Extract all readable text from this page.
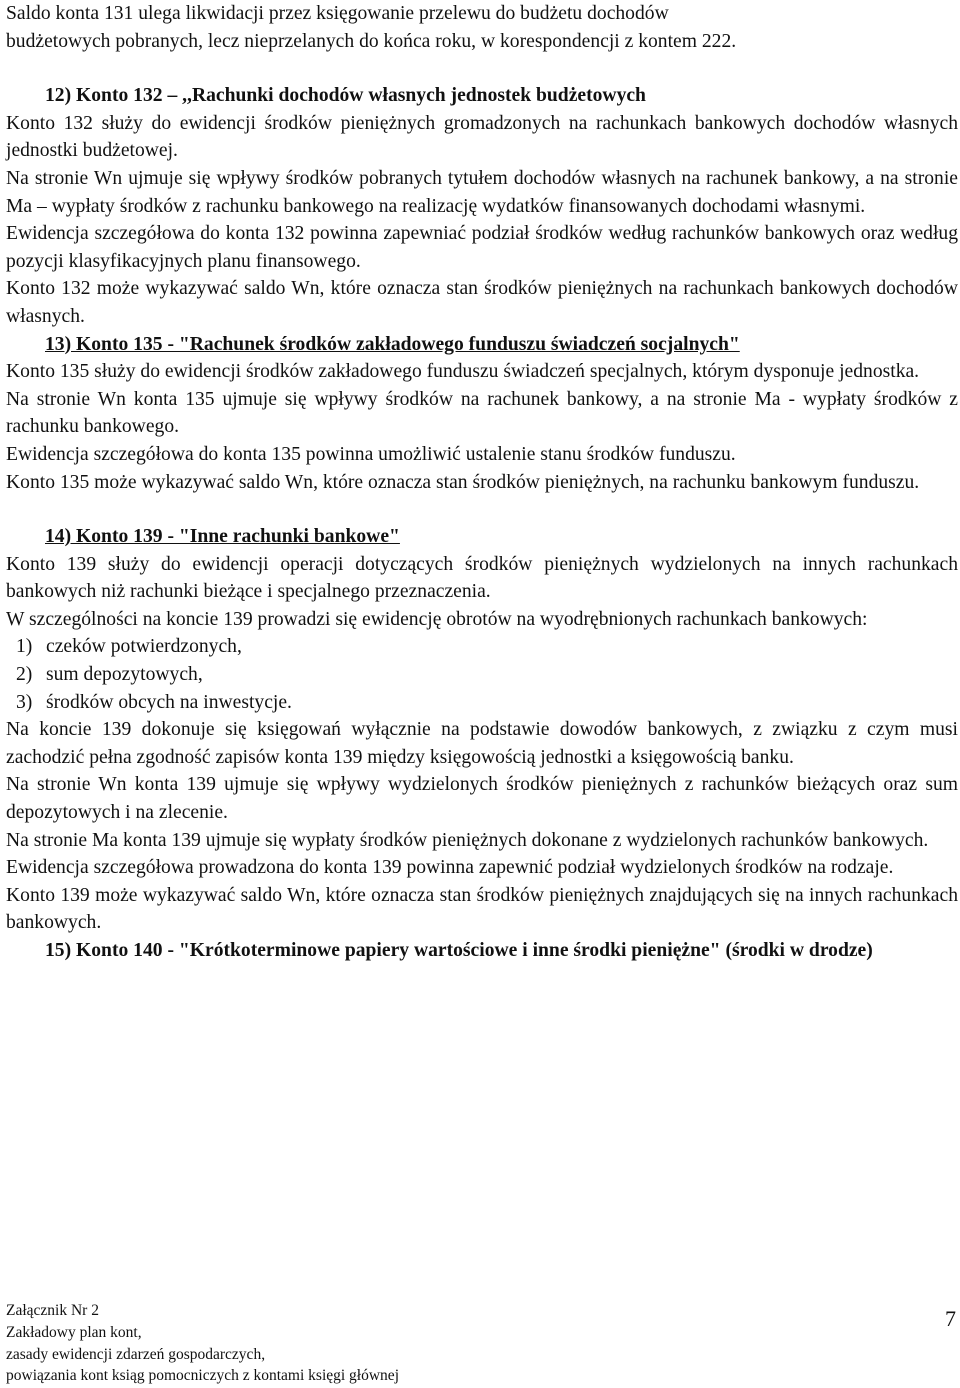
Saldo konta 131 ulega likwidacji przez księgowanie przelewu do budżetu dochodów
budżetowych pobranych, lecz nieprzelanych do końca roku, w korespondencji z kontem 222.

12) Konto 132 – ,,Rachunki dochodów własnych jednostek budżetowych

Konto 132 służy do ewidencji środków pieniężnych gromadzonych na rachunkach bankowych dochodów własnych jednostki budżetowej.

Na stronie Wn ujmuje się wpływy środków pobranych tytułem dochodów własnych na rachunek bankowy, a na stronie Ma – wypłaty środków z rachunku bankowego na realizację wydatków finansowanych dochodami własnymi.

Ewidencja szczegółowa do konta 132 powinna zapewniać podział środków według rachunków bankowych oraz według pozycji klasyfikacyjnych planu finansowego.

Konto 132 może wykazywać saldo Wn, które oznacza stan środków pieniężnych na rachunkach bankowych dochodów własnych.

13) Konto 135 - "Rachunek środków zakładowego funduszu świadczeń socjalnych"

Konto 135 służy do ewidencji środków zakładowego funduszu świadczeń specjalnych, którym dysponuje jednostka.

Na stronie Wn konta 135 ujmuje się wpływy środków na rachunek bankowy, a na stronie Ma - wypłaty środków z rachunku bankowego.

Ewidencja szczegółowa do konta 135 powinna umożliwić ustalenie stanu środków funduszu.

Konto 135 może wykazywać saldo Wn, które oznacza stan środków pieniężnych, na rachunku bankowym funduszu.

14) Konto 139 - "Inne rachunki bankowe"

Konto 139 służy do ewidencji operacji dotyczących środków pieniężnych wydzielonych na innych rachunkach bankowych niż rachunki bieżące i specjalnego przeznaczenia.

W szczególności na koncie 139 prowadzi się ewidencję obrotów na wyodrębnionych rachunkach bankowych:

1) czeków potwierdzonych,
2) sum depozytowych,
3) środków obcych na inwestycje.

Na koncie 139 dokonuje się księgowań wyłącznie na podstawie dowodów bankowych, z związku z czym musi zachodzić pełna zgodność zapisów konta 139 między księgowością jednostki a księgowością banku.

Na stronie Wn konta 139 ujmuje się wpływy wydzielonych środków pieniężnych z rachunków bieżących oraz sum depozytowych i na zlecenie.

Na stronie Ma konta 139 ujmuje się wypłaty środków pieniężnych dokonane z wydzielonych rachunków bankowych.

Ewidencja szczegółowa prowadzona do konta 139 powinna zapewnić podział wydzielonych środków na rodzaje.

Konto 139 może wykazywać saldo Wn, które oznacza stan środków pieniężnych znajdujących się na innych rachunkach bankowych.

15) Konto 140 - "Krótkoterminowe papiery wartościowe i inne środki pieniężne" (środki w drodze)

Załącznik Nr 2
Zakładowy plan kont,
zasady ewidencji zdarzeń gospodarczych,
powiązania kont ksiąg pomocniczych z kontami księgi głównej
7
